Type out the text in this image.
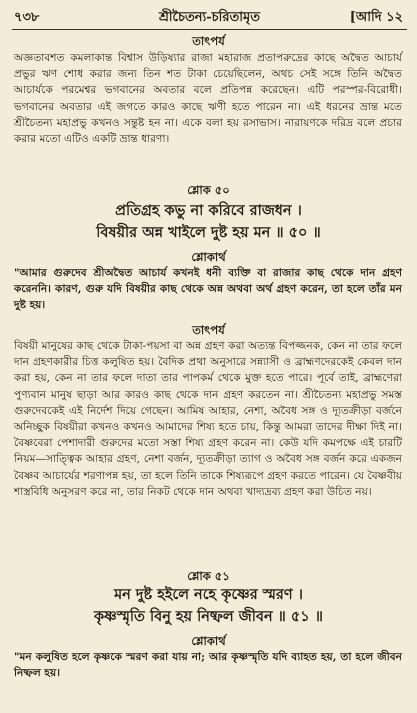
৭৩৮	শ্রীচৈতন্য-চরিতামৃত	[আদি ১২
তাৎপর্য
অজ্ঞতাবশত কমলাকান্ত বিশ্বাস উড়িষ্যার রাজা মহারাজ প্রতাপরুদ্রের কাছে অদ্বৈত আচার্য প্রভুর ঋণ শোধ করার জন্য তিন শত টাকা চেয়েছিলেন, অথচ সেই সঙ্গে তিনি অদ্বৈত আচার্যকে পরমেশ্বর ভগবানের অবতার বলে প্রতিপন্ন করেছেন। এটি পরস্পর-বিরোধী। ভগবানের অবতার এই জগতে কারও কাছে ঋণী হতে পারেন না। এই ধরনের ভ্রান্ত মতে শ্রীচৈতন্য মহাপ্রভু কখনও সন্তুষ্ট হন না। একে বলা হয় রসাভাস। নারায়ণকে দরিদ্র বলে প্রচার করার মতো এটিও একটি ভ্রান্ত ধারণা।
শ্লোক ৫০
প্রতিগ্রহ কভু না করিবে রাজধন ।
বিষয়ীর অন্ন খাইলে দুষ্ট হয় মন ॥ ৫০ ॥
শ্লোকার্থ
"আমার গুরুদেব শ্রীঅদ্বৈত আচার্য কখনই ধনী ব্যক্তি বা রাজার কাছ থেকে দান গ্রহণ করেননি। কারণ, গুরু যদি বিষয়ীর কাছ থেকে অন্ন অথবা অর্থ গ্রহণ করেন, তা হলে তাঁর মন দুষ্ট হয়।
তাৎপর্য
বিষয়ী মানুষের কাছ থেকে টাকা-পয়সা বা অন্ন গ্রহণ করা অত্যন্ত বিপজ্জনক, কেন না তার ফলে দান গ্রহণকারীর চিত্ত কলুষিত হয়। বৈদিক প্রথা অনুসারে সন্ন্যাসী ও ব্রাহ্মণদেরকেই কেবল দান করা হয়, কেন না তার ফলে দাতা তার পাপকর্ম থেকে মুক্ত হতে পারে। পূর্বে তাই, ব্রাহ্মণেরা পুণ্যবান মানুষ ছাড়া আর কারও কাছ থেকে দান গ্রহণ করতেন না। শ্রীচৈতন্য মহাপ্রভু সমস্ত গুরুদেবকেই এই নির্দেশ দিয়ে গেছেন। আমিষ আহার, নেশা, অবৈধ সঙ্গ ও দ্যূতক্রীড়া বর্জনে অনিচ্ছুক বিষয়ীরা কখনও কখনও আমাদের শিষ্য হতে চায়, কিন্তু আমরা তাদের দীক্ষা দিই না। বৈষ্ণবেরা পেশাদারী গুরুদের মতো সস্তা শিষ্য গ্রহণ করেন না। কেউ যদি কমপক্ষে এই চারটি নিয়ম—সাত্ত্বিক আহার গ্রহণ, নেশা বর্জন, দ্যূতক্রীড়া ত্যাগ ও অবৈধ সঙ্গ বর্জন করে একজন বৈষ্ণব আচার্যের শরণাপন্ন হয়, তা হলে তিনি তাকে শিষ্যরূপে গ্রহণ করতে পারেন। যে বৈষ্ণবীয় শাস্ত্রবিধি অনুসরণ করে না, তার নিকট থেকে দান অথবা খাদ্যদ্রব্য গ্রহণ করা উচিত নয়।
শ্লোক ৫১
মন দুষ্ট হইলে নহে কৃষ্ণের স্মরণ ।
কৃষ্ণস্মৃতি বিনু হয় নিষ্ফল জীবন ॥ ৫১ ॥
শ্লোকার্থ
"মন কলুষিত হলে কৃষ্ণকে স্মরণ করা যায় না; আর কৃষ্ণস্মৃতি যদি ব্যাহত হয়, তা হলে জীবন নিষ্ফল হয়।
